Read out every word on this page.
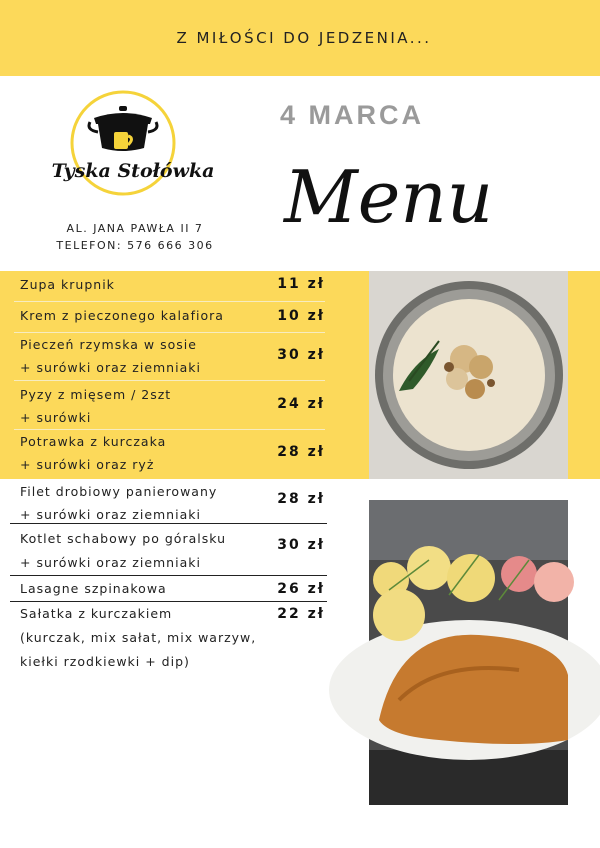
Z MIŁOŚCI DO JEDZENIA...
Tyska Stołówka
AL. JANA PAWŁA II 7
TELEFON: 576 666 306
4 MARCA
Menu
Zupa krupnik	11 zł
Krem z pieczonego kalafiora	10 zł
Pieczeń rzymska w sosie
+ surówki oraz ziemniaki
30 zł
Pyzy z mięsem / 2szt
+ surówki
24 zł
Potrawka z kurczaka
+ surówki oraz ryż
28 zł
Filet drobiowy panierowany
+ surówki oraz ziemniaki
28 zł
Kotlet schabowy po góralsku
+ surówki oraz ziemniaki
30 zł
Lasagne szpinakowa	26 zł
Sałatka z kurczakiem
(kurczak, mix sałat, mix warzyw,
kiełki rzodkiewki + dip)
22 zł
